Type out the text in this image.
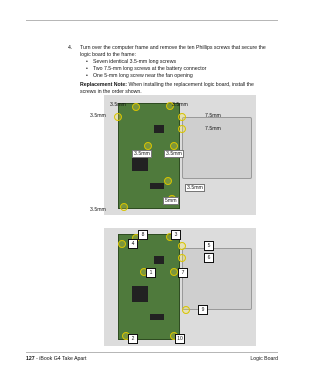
4. Turn over the computer frame and remove the ten Phillips screws that secure the logic board to the frame:
• Seven identical 3.5-mm long screws
• Two 7.5-mm long screws at the battery connector
• One 5-mm long screw near the fan opening
Replacement Note: When installing the replacement logic board, install the screws in the order shown.
3.5mm	3.5mm
3.5mm	7.5mm
7.5mm
3.5mm	3.5mm
3.5mm
5mm
3.5mm
8	3
4	5
6
1	7
9
2	10
127 - iBook G4 Take Apart	Logic Board
